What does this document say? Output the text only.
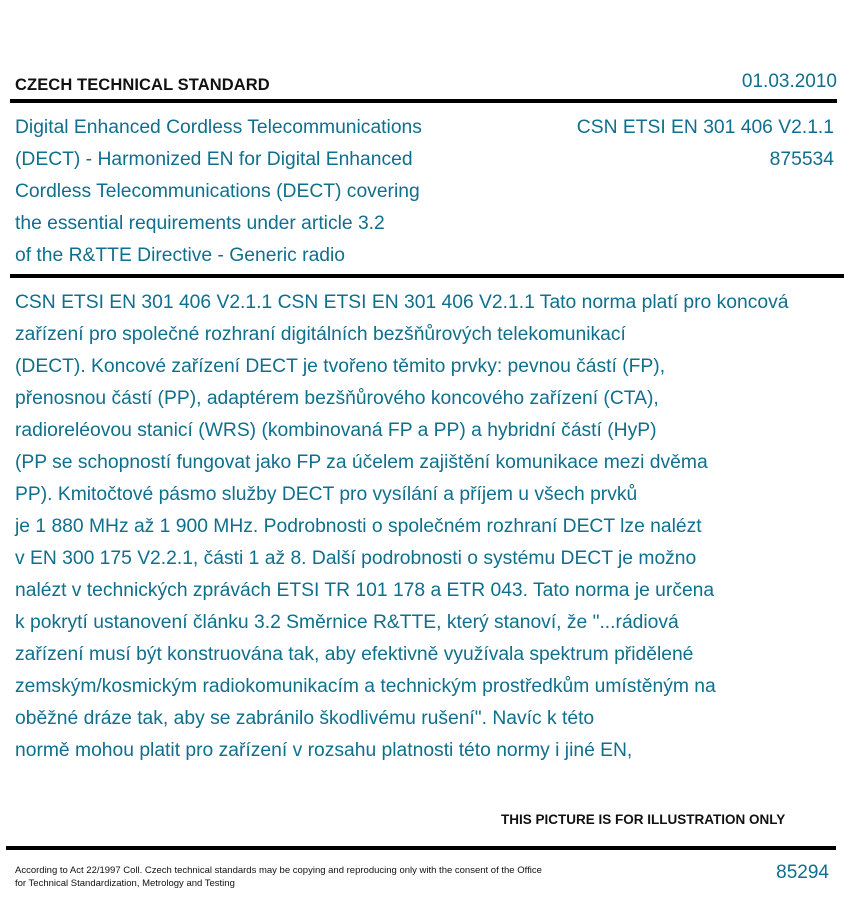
CZECH TECHNICAL STANDARD	01.03.2010
Digital Enhanced Cordless Telecommunications
(DECT) - Harmonized EN for Digital Enhanced
Cordless Telecommunications (DECT) covering
the essential requirements under article 3.2
of the R&TTE Directive - Generic radio
CSN ETSI EN 301 406 V2.1.1
875534
CSN ETSI EN 301 406 V2.1.1 CSN ETSI EN 301 406 V2.1.1 Tato norma platí pro koncová
zařízení pro společné rozhraní digitálních bezšňůrových telekomunikací
(DECT). Koncové zařízení DECT je tvořeno těmito prvky: pevnou částí (FP),
přenosnou částí (PP), adaptérem bezšňůrového koncového zařízení (CTA),
radioreléovou stanicí (WRS) (kombinovaná FP a PP) a hybridní částí (HyP)
(PP se schopností fungovat jako FP za účelem zajištění komunikace mezi dvěma
PP). Kmitočtové pásmo služby DECT pro vysílání a příjem u všech prvků
je 1 880 MHz až 1 900 MHz. Podrobnosti o společném rozhraní DECT lze nalézt
v EN 300 175 V2.2.1, části 1 až 8. Další podrobnosti o systému DECT je možno
nalézt v technických zprávách ETSI TR 101 178 a ETR 043. Tato norma je určena
k pokrytí ustanovení článku 3.2 Směrnice R&TTE, který stanoví, že "...rádiová
zařízení musí být konstruována tak, aby efektivně využívala spektrum přidělené
zemským/kosmickým radiokomunikacím a technickým prostředkům umístěným na
oběžné dráze tak, aby se zabránilo škodlivému rušení". Navíc k této
normě mohou platit pro zařízení v rozsahu platnosti této normy i jiné EN,
THIS PICTURE IS FOR ILLUSTRATION ONLY
According to Act 22/1997 Coll. Czech technical standards may be copying and reproducing only with the consent of the Office
for Technical Standardization, Metrology and Testing
85294
